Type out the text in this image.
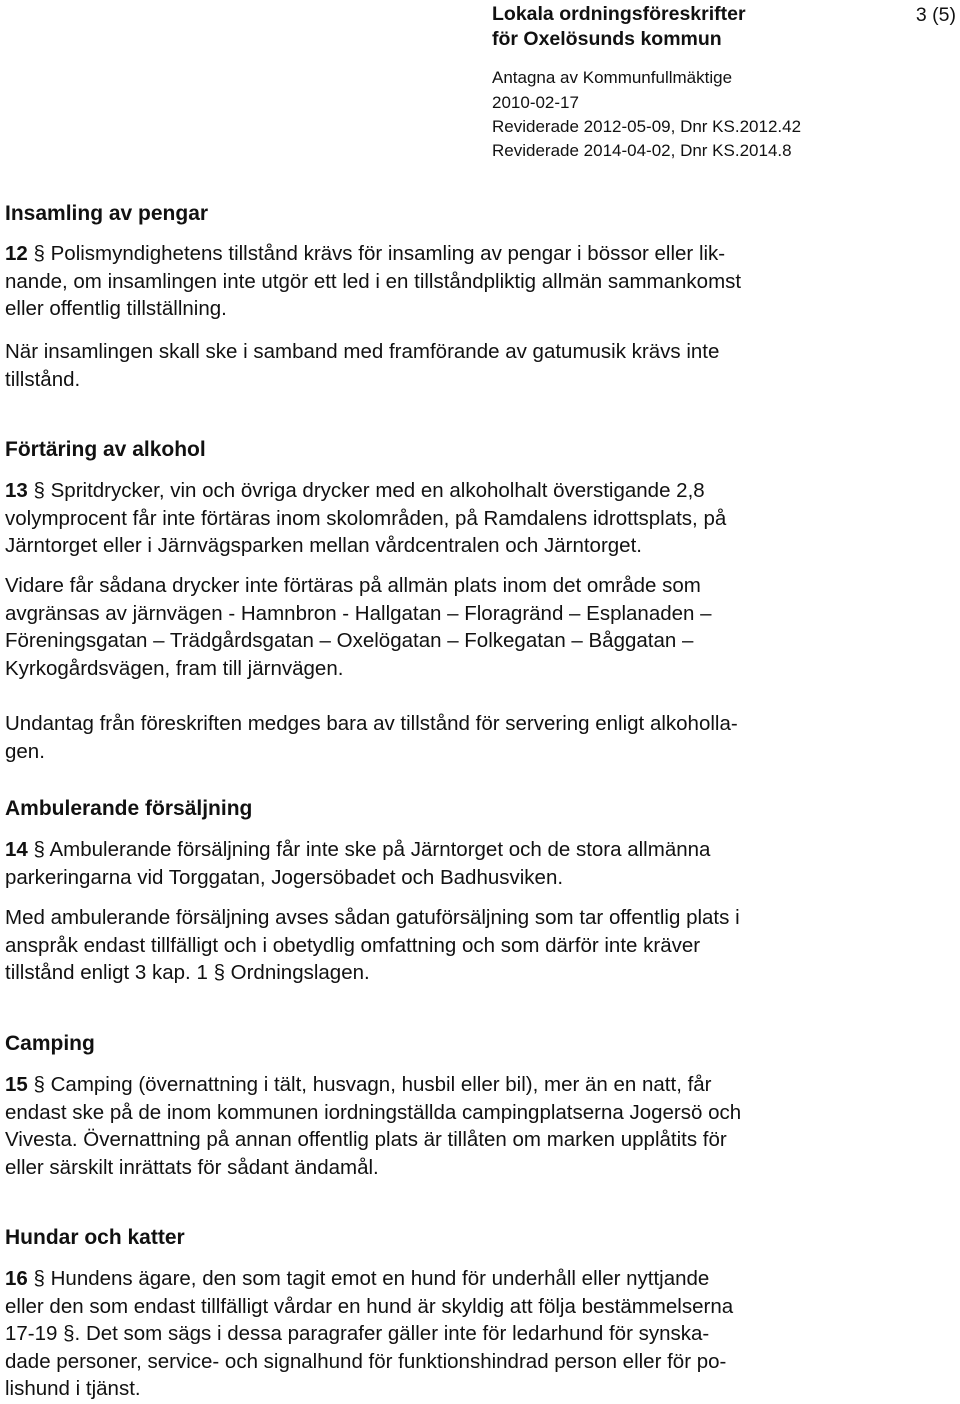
Lokala ordningsföreskrifter
för Oxelösunds kommun
Antagna av Kommunfullmäktige
2010-02-17
Reviderade 2012-05-09, Dnr KS.2012.42
Reviderade 2014-04-02, Dnr KS.2014.8
3 (5)
Insamling av pengar
12 § Polismyndighetens tillstånd krävs för insamling av pengar i bössor eller lik-
nande, om insamlingen inte utgör ett led i en tillståndpliktig allmän sammankomst
eller offentlig tillställning.
När insamlingen skall ske i samband med framförande av gatumusik krävs inte
tillstånd.
Förtäring av alkohol
13 § Spritdrycker, vin och övriga drycker med en alkoholhalt överstigande 2,8
volymprocent får inte förtäras inom skolområden, på Ramdalens idrottsplats, på
Järntorget eller i Järnvägsparken mellan vårdcentralen och Järntorget.
Vidare får sådana drycker inte förtäras på allmän plats inom det område som
avgränsas av järnvägen - Hamnbron - Hallgatan – Floragränd – Esplanaden –
Föreningsgatan – Trädgårdsgatan – Oxelögatan – Folkegatan – Båggatan –
Kyrkogårdsvägen, fram till järnvägen.
Undantag från föreskriften medges bara av tillstånd för servering enligt alkoholla-
gen.
Ambulerande försäljning
14 § Ambulerande försäljning får inte ske på Järntorget och de stora allmänna
parkeringarna vid Torggatan, Jogersöbadet och Badhusviken.
Med ambulerande försäljning avses sådan gatuförsäljning som tar offentlig plats i
anspråk endast tillfälligt och i obetydlig omfattning och som därför inte kräver
tillstånd enligt 3 kap. 1 § Ordningslagen.
Camping
15 § Camping (övernattning i tält, husvagn, husbil eller bil), mer än en natt, får
endast ske på de inom kommunen iordningställda campingplatserna Jogersö och
Vivesta. Övernattning på annan offentlig plats är tillåten om marken upplåtits för
eller särskilt inrättats för sådant ändamål.
Hundar och katter
16 § Hundens ägare, den som tagit emot en hund för underhåll eller nyttjande
eller den som endast tillfälligt vårdar en hund är skyldig att följa bestämmelserna
17-19 §. Det som sägs i dessa paragrafer gäller inte för ledarhund för synska-
dade personer, service- och signalhund för funktionshindrad person eller för po-
lishund i tjänst.
